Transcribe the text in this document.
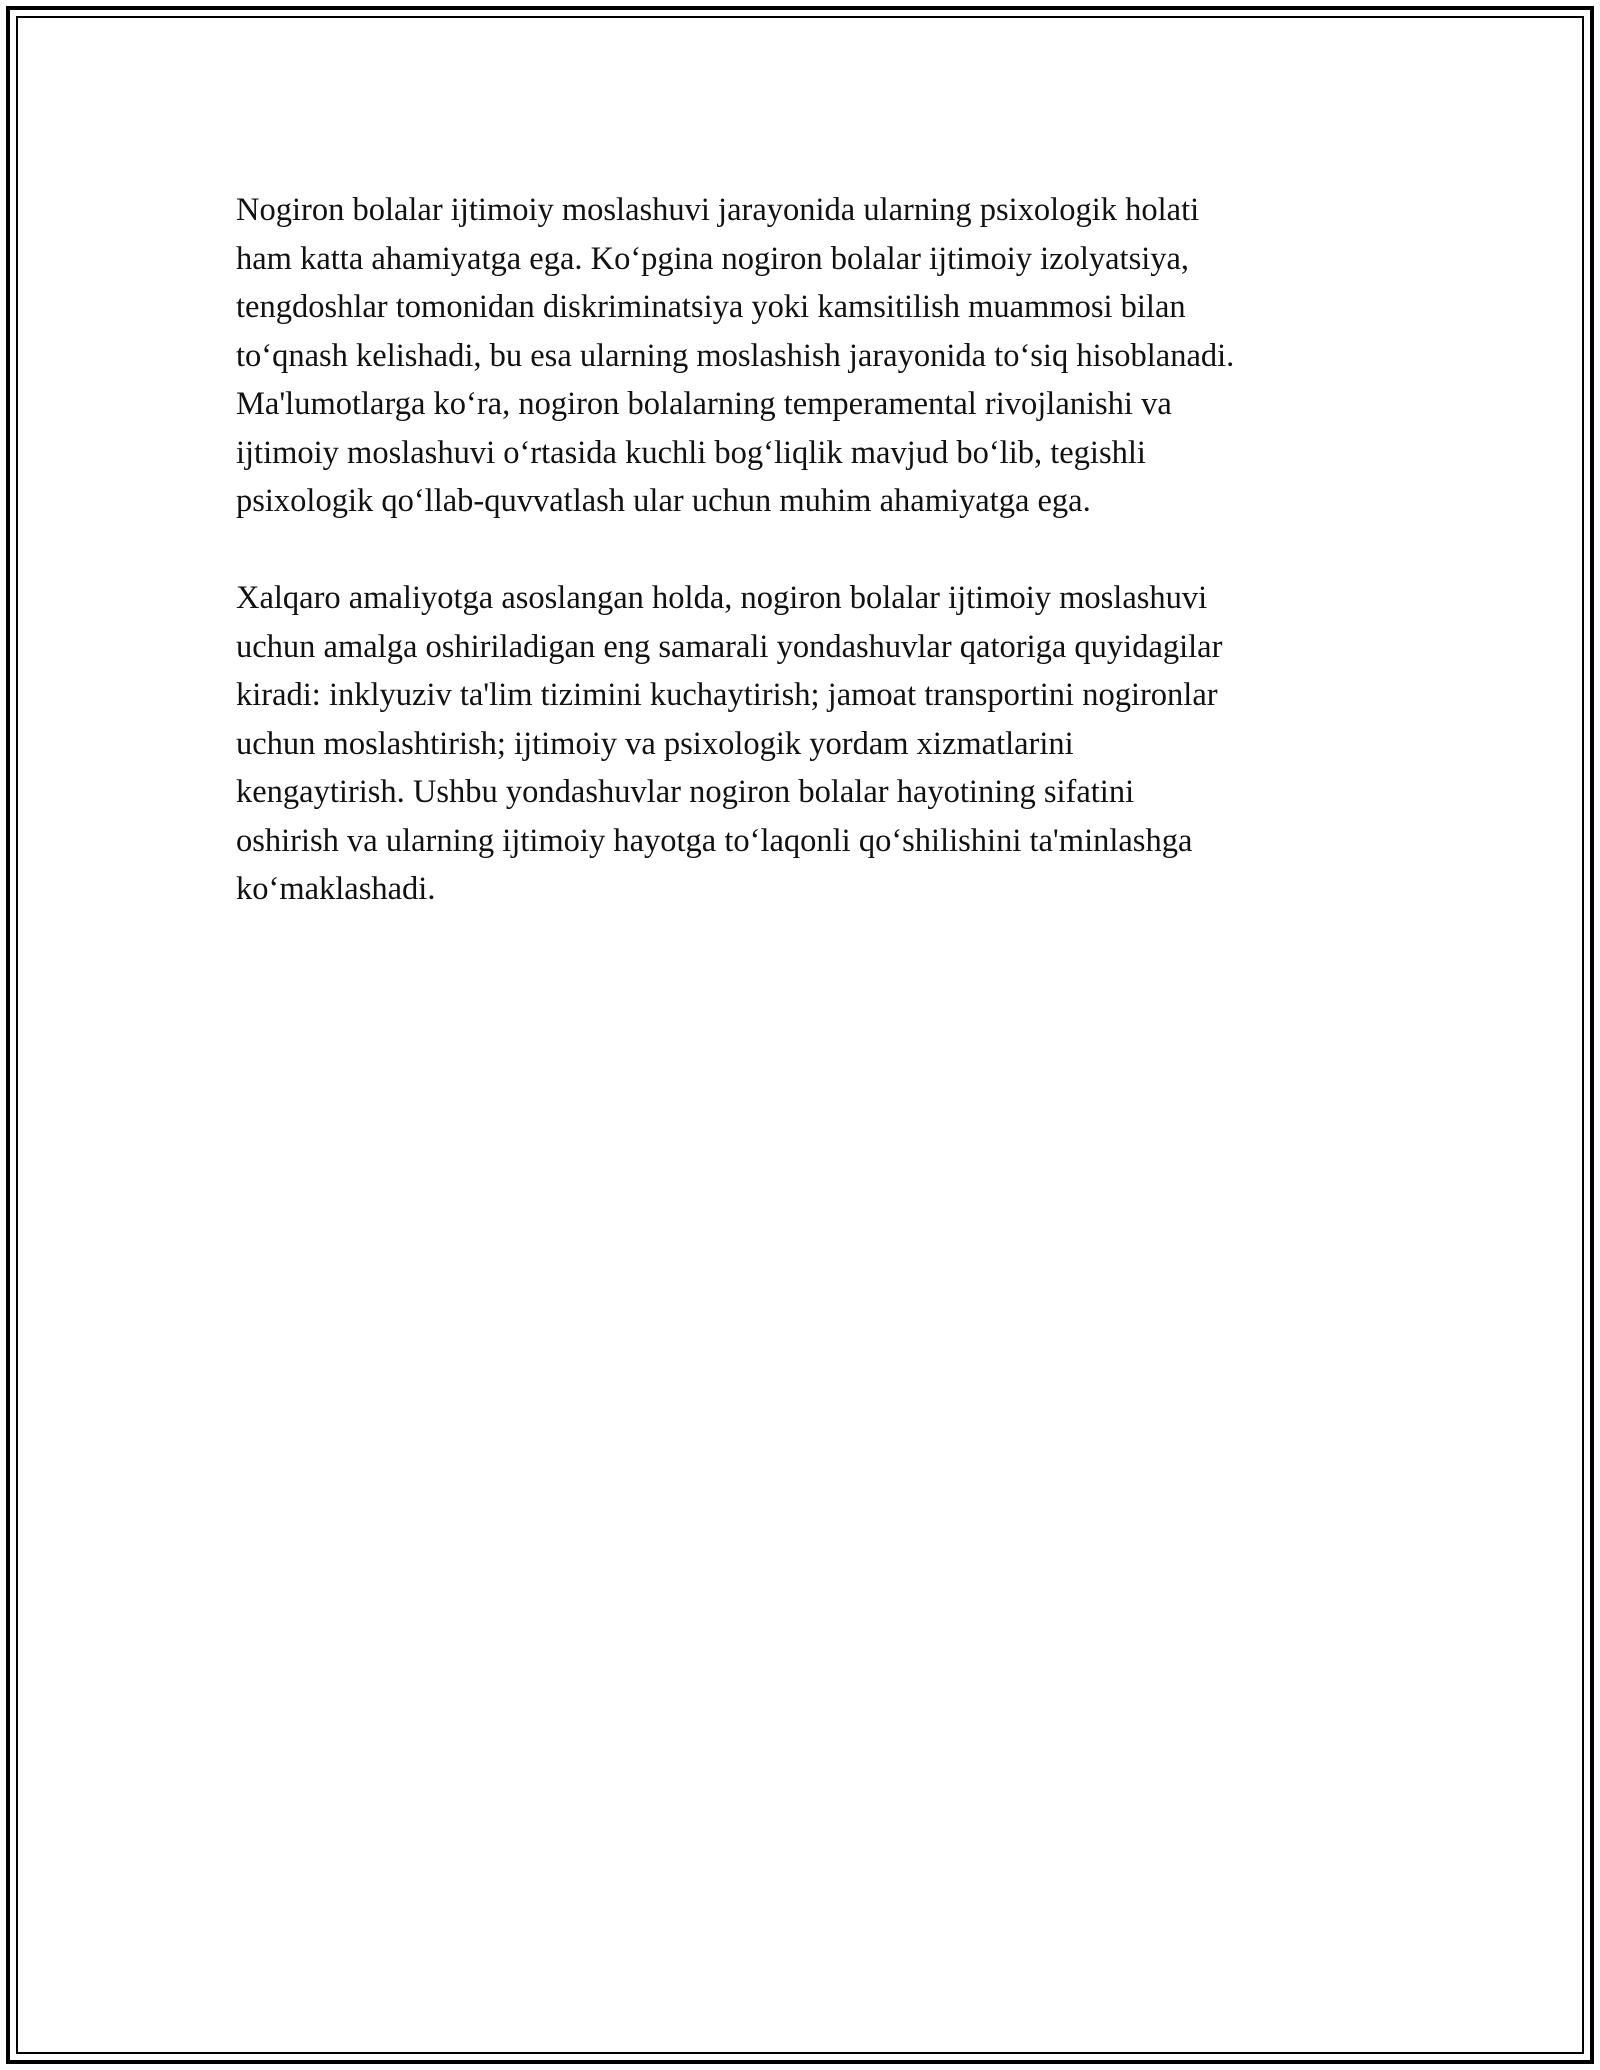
Nogiron bolalar ijtimoiy moslashuvi jarayonida ularning psixologik holati
ham katta ahamiyatga ega. Ko‘pgina nogiron bolalar ijtimoiy izolyatsiya,
tengdoshlar tomonidan diskriminatsiya yoki kamsitilish muammosi bilan
to‘qnash kelishadi, bu esa ularning moslashish jarayonida to‘siq hisoblanadi.
Ma'lumotlarga ko‘ra, nogiron bolalarning temperamental rivojlanishi va
ijtimoiy moslashuvi o‘rtasida kuchli bog‘liqlik mavjud bo‘lib, tegishli
psixologik qo‘llab-quvvatlash ular uchun muhim ahamiyatga ega.

Xalqaro amaliyotga asoslangan holda, nogiron bolalar ijtimoiy moslashuvi
uchun amalga oshiriladigan eng samarali yondashuvlar qatoriga quyidagilar
kiradi: inklyuziv ta'lim tizimini kuchaytirish; jamoat transportini nogironlar
uchun moslashtirish; ijtimoiy va psixologik yordam xizmatlarini
kengaytirish. Ushbu yondashuvlar nogiron bolalar hayotining sifatini
oshirish va ularning ijtimoiy hayotga to‘laqonli qo‘shilishini ta'minlashga
ko‘maklashadi.
